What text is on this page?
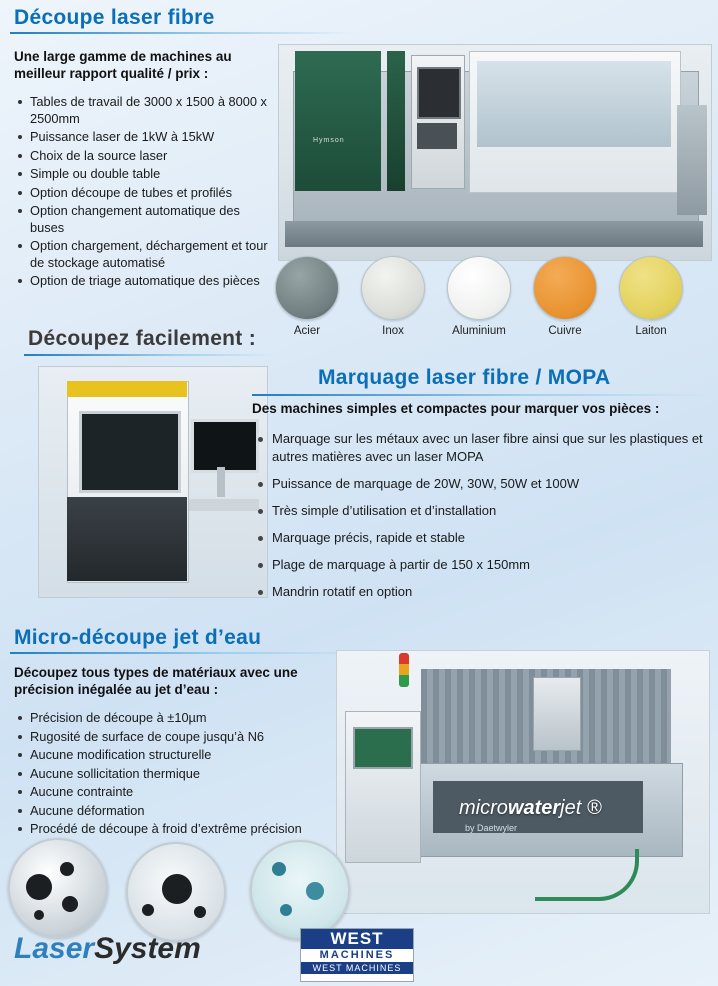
Découpe laser fibre
Une large gamme de machines au meilleur rapport qualité / prix :
Tables de travail de 3000 x 1500 à 8000 x 2500mm
Puissance laser de 1kW à 15kW
Choix de la source laser
Simple ou double table
Option découpe de tubes et profilés
Option changement automatique des buses
Option chargement, déchargement et tour de stockage automatisé
Option de triage automatique des pièces
Hymson
Acier	Inox	Aluminium	Cuivre	Laiton
Découpez facilement :
Marquage laser fibre / MOPA
Des machines simples et compactes pour marquer vos pièces :
Marquage sur les métaux avec un laser fibre ainsi que sur les plastiques et autres matières avec un laser MOPA
Puissance de marquage de 20W, 30W, 50W et 100W
Très simple d’utilisation et d’installation
Marquage précis, rapide et stable
Plage de marquage à partir de 150 x 150mm
Mandrin rotatif en option
Micro-découpe jet d’eau
Découpez tous types de matériaux avec une précision inégalée au jet d’eau :
Précision de découpe à ±10µm
Rugosité de surface de coupe jusqu’à N6
Aucune modification structurelle
Aucune sollicitation thermique
Aucune contrainte
Aucune déformation
Procédé de découpe à froid d’extrême précision
microwaterjet ®
by Daetwyler
LaserSystem	WEST
MACHINES
WEST MACHINES
